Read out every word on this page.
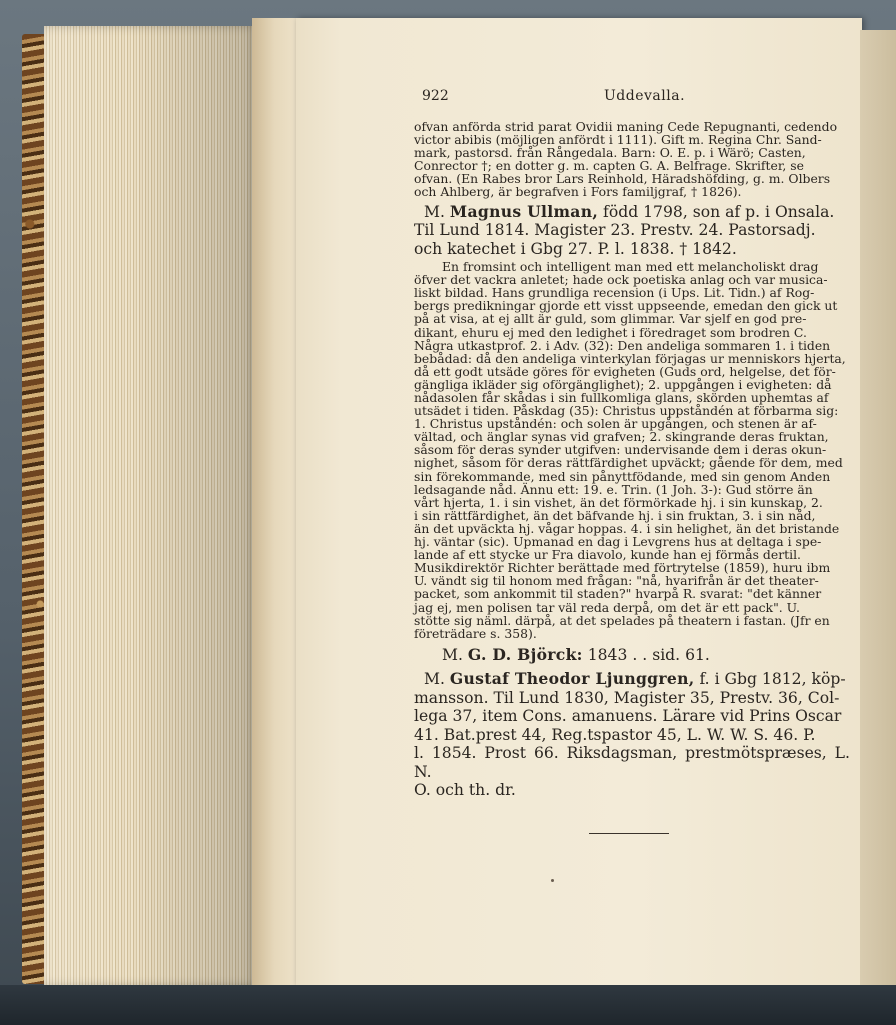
922	Uddevalla.
ofvan anförda strid parat Ovidii maning Cede Repugnanti, cedendo
victor abibis (möjligen anfördt i 1111). Gift m. Regina Chr. Sand-
mark, pastorsd. från Rångedala. Barn: O. E. p. i Wärö; Casten,
Conrector †; en dotter g. m. capten G. A. Belfrage. Skrifter, se
ofvan. (En Rabes bror Lars Reinhold, Häradshöfding, g. m. Olbers
och Ahlberg, är begrafven i Fors familjgraf, † 1826).
M. Magnus Ullman, född 1798, son af p. i Onsala.
Til Lund 1814. Magister 23. Prestv. 24. Pastorsadj.
och katechet i Gbg 27. P. l. 1838. † 1842.
En fromsint och intelligent man med ett melancholiskt drag
öfver det vackra anletet; hade ock poetiska anlag och var musica-
liskt bildad. Hans grundliga recension (i Ups. Lit. Tidn.) af Rog-
bergs predikningar gjorde ett visst uppseende, emedan den gick ut
på at visa, at ej allt är guld, som glimmar. Var sjelf en god pre-
dikant, ehuru ej med den ledighet i föredraget som brodren C.
Några utkastprof. 2. i Adv. (32): Den andeliga sommaren 1. i tiden
bebådad: då den andeliga vinterkylan förjagas ur menniskors hjerta,
då ett godt utsäde göres för evigheten (Guds ord, helgelse, det för-
gängliga ikläder sig oförgänglighet); 2. uppgången i evigheten: då
nådasolen får skådas i sin fullkomliga glans, skörden uphemtas af
utsädet i tiden. Påskdag (35): Christus uppståndén at förbarma sig:
1. Christus upståndén: och solen är upgången, och stenen är af-
vältad, och änglar synas vid grafven; 2. skingrande deras fruktan,
såsom för deras synder utgifven: undervisande dem i deras okun-
nighet, såsom för deras rättfärdighet upväckt; gående för dem, med
sin förekommande, med sin pånyttfödande, med sin genom Anden
ledsagande nåd. Ännu ett: 19. e. Trin. (1 Joh. 3-): Gud större än
vårt hjerta, 1. i sin vishet, än det förmörkade hj. i sin kunskap, 2.
i sin rättfärdighet, än det bäfvande hj. i sin fruktan, 3. i sin nåd,
än det upväckta hj. vågar hoppas. 4. i sin helighet, än det bristande
hj. väntar (sic). Upmanad en dag i Levgrens hus at deltaga i spe-
lande af ett stycke ur Fra diavolo, kunde han ej förmås dertil.
Musikdirektör Richter berättade med förtrytelse (1859), huru ibm
U. vändt sig til honom med frågan: "nå, hvarifrån är det theater-
packet, som ankommit til staden?" hvarpå R. svarat: "det känner
jag ej, men polisen tar väl reda derpå, om det är ett pack". U.
stötte sig näml. därpå, at det spelades på theatern i fastan. (Jfr en
företrädare s. 358).
M. G. D. Björck: 1843 . . sid. 61.
M. Gustaf Theodor Ljunggren, f. i Gbg 1812, köp-
mansson. Til Lund 1830, Magister 35, Prestv. 36, Col-
lega 37, item Cons. amanuens. Lärare vid Prins Oscar
41. Bat.prest 44, Reg.tspastor 45, L. W. W. S. 46. P.
l. 1854. Prost 66. Riksdagsman, prestmötspræses, L. N.
O. och th. dr.
